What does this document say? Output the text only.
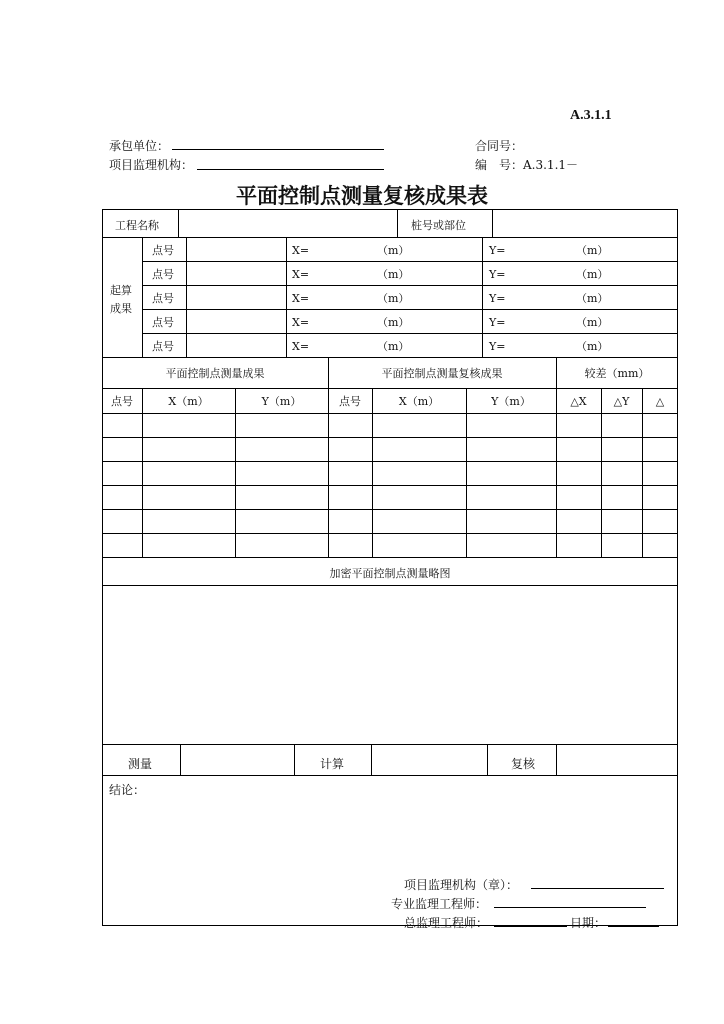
A.3.1.1
承包单位：
项目监理机构：
合同号：
编　号：A.3.1.1－
平面控制点测量复核成果表
工程名称	桩号或部位
起算
成果
点号	X=	（m）	Y=	（m）
点号	X=	（m）	Y=	（m）
点号	X=	（m）	Y=	（m）
点号	X=	（m）	Y=	（m）
点号	X=	（m）	Y=	（m）
平面控制点测量成果	平面控制点测量复核成果	较差（mm）
点号	X（m）	Y（m）	点号	X（m）	Y（m）	△X	△Y	△
加密平面控制点测量略图
测量	计算	复核
结论：
项目监理机构（章）：
专业监理工程师：
总监理工程师：	日期：
